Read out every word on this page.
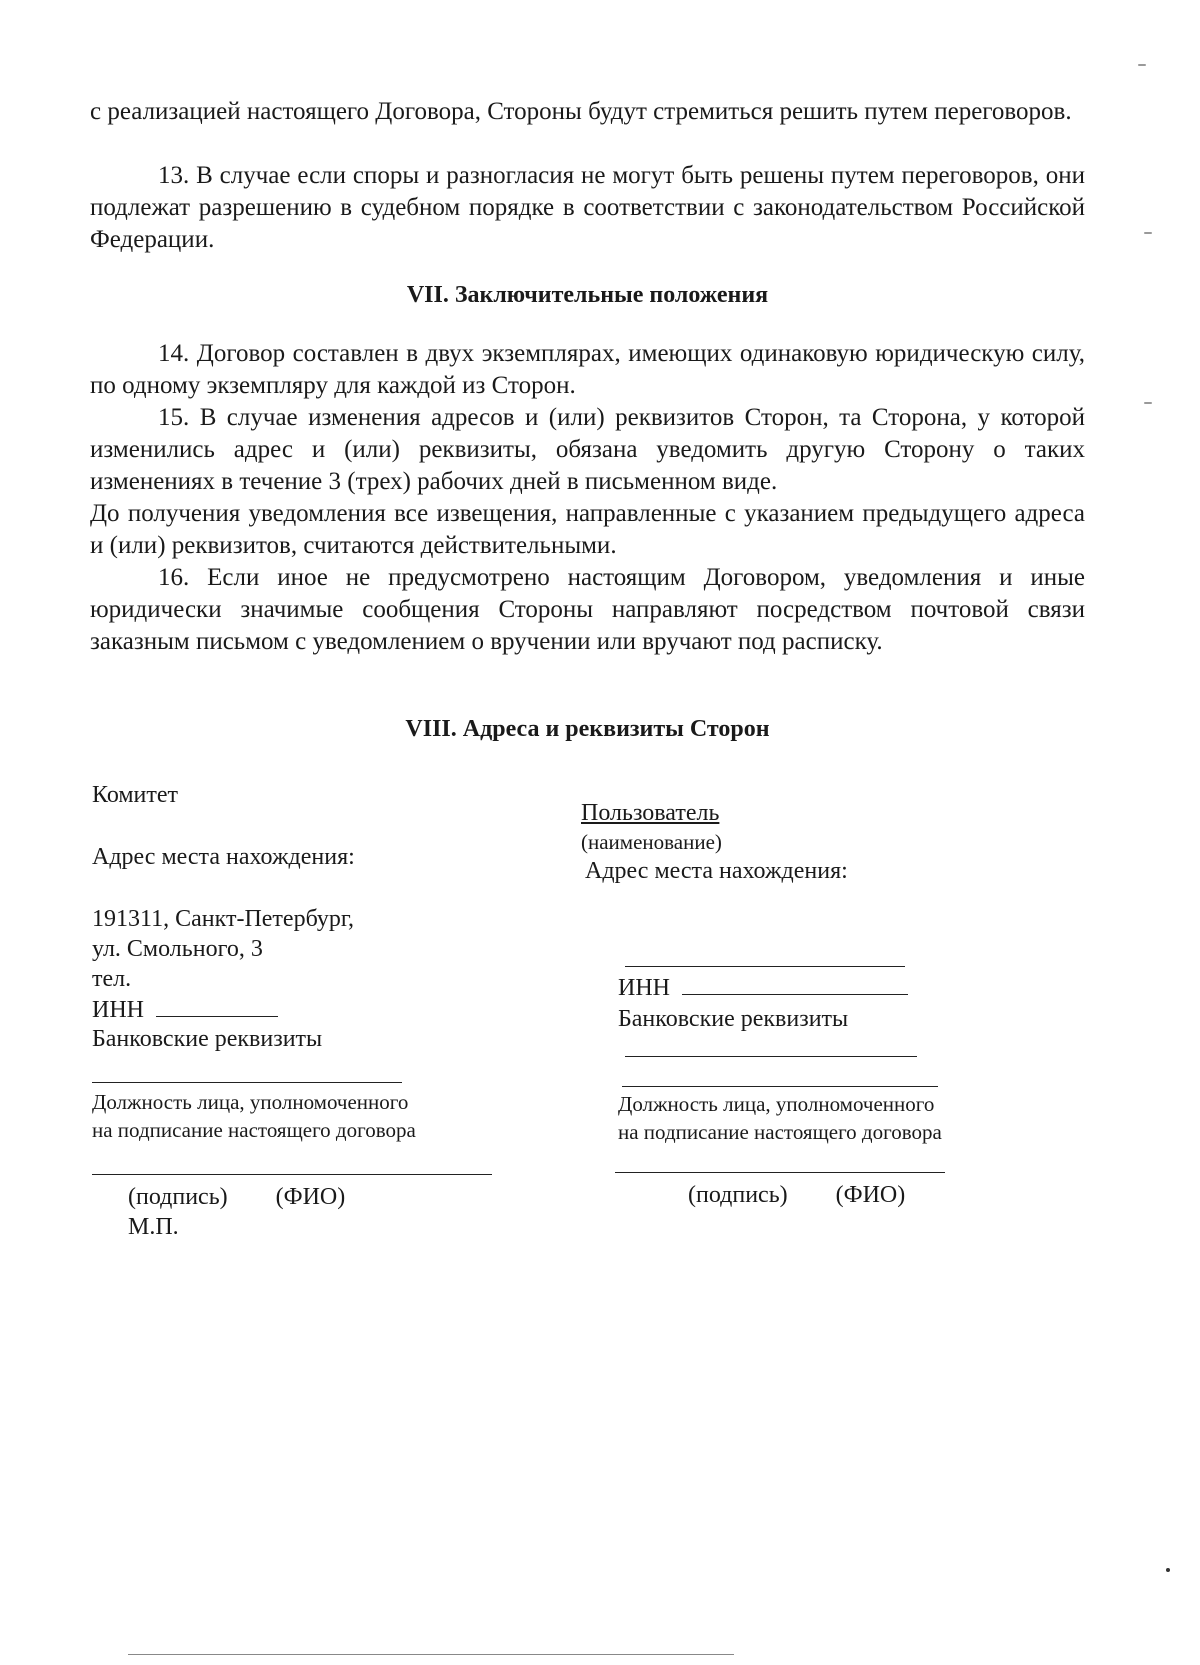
с реализацией настоящего Договора, Стороны будут стремиться решить путем переговоров.

13. В случае если споры и разногласия не могут быть решены путем переговоров, они подлежат разрешению в судебном порядке в соответствии с законодательством Российской Федерации.

VII. Заключительные положения

14. Договор составлен в двух экземплярах, имеющих одинаковую юридическую силу, по одному экземпляру для каждой из Сторон.

15. В случае изменения адресов и (или) реквизитов Сторон, та Сторона, у которой изменились адрес и (или) реквизиты, обязана уведомить другую Сторону о таких изменениях в течение 3 (трех) рабочих дней в письменном виде.

До получения уведомления все извещения, направленные с указанием предыдущего адреса и (или) реквизитов, считаются действительными.

16. Если иное не предусмотрено настоящим Договором, уведомления и иные юридически значимые сообщения Стороны направляют посредством почтовой связи заказным письмом с уведомлением о вручении или вручают под расписку.

VIII. Адреса и реквизиты Сторон
Комитет
Адрес места нахождения:
191311, Санкт-Петербург,
ул. Смольного, 3
тел.
ИНН
Банковские реквизиты
Должность лица, уполномоченного
на подписание настоящего договора
(подпись) (ФИО)
М.П.
Пользователь
(наименование)
Адрес места нахождения:
ИНН
Банковские реквизиты
Должность лица, уполномоченного
на подписание настоящего договора
(подпись) (ФИО)
